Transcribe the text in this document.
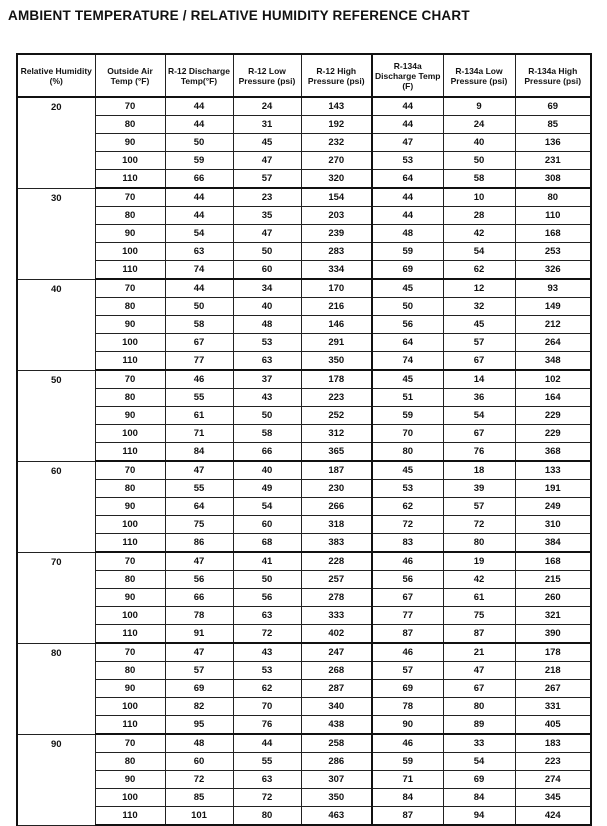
AMBIENT TEMPERATURE / RELATIVE HUMIDITY REFERENCE CHART
Relative Humidity (%)	Outside Air Temp (°F)	R-12 Discharge Temp(°F)	R-12 Low Pressure (psi)	R-12 High Pressure (psi)	R-134a Discharge Temp (F)	R-134a Low Pressure (psi)	R-134a High Pressure (psi)
20	70	44	24	143	44	9	69
	80	44	31	192	44	24	85
	90	50	45	232	47	40	136
	100	59	47	270	53	50	231
	110	66	57	320	64	58	308
30	70	44	23	154	44	10	80
	80	44	35	203	44	28	110
	90	54	47	239	48	42	168
	100	63	50	283	59	54	253
	110	74	60	334	69	62	326
40	70	44	34	170	45	12	93
	80	50	40	216	50	32	149
	90	58	48	146	56	45	212
	100	67	53	291	64	57	264
	110	77	63	350	74	67	348
50	70	46	37	178	45	14	102
	80	55	43	223	51	36	164
	90	61	50	252	59	54	229
	100	71	58	312	70	67	229
	110	84	66	365	80	76	368
60	70	47	40	187	45	18	133
	80	55	49	230	53	39	191
	90	64	54	266	62	57	249
	100	75	60	318	72	72	310
	110	86	68	383	83	80	384
70	70	47	41	228	46	19	168
	80	56	50	257	56	42	215
	90	66	56	278	67	61	260
	100	78	63	333	77	75	321
	110	91	72	402	87	87	390
80	70	47	43	247	46	21	178
	80	57	53	268	57	47	218
	90	69	62	287	69	67	267
	100	82	70	340	78	80	331
	110	95	76	438	90	89	405
90	70	48	44	258	46	33	183
	80	60	55	286	59	54	223
	90	72	63	307	71	69	274
	100	85	72	350	84	84	345
	110	101	80	463	87	94	424
